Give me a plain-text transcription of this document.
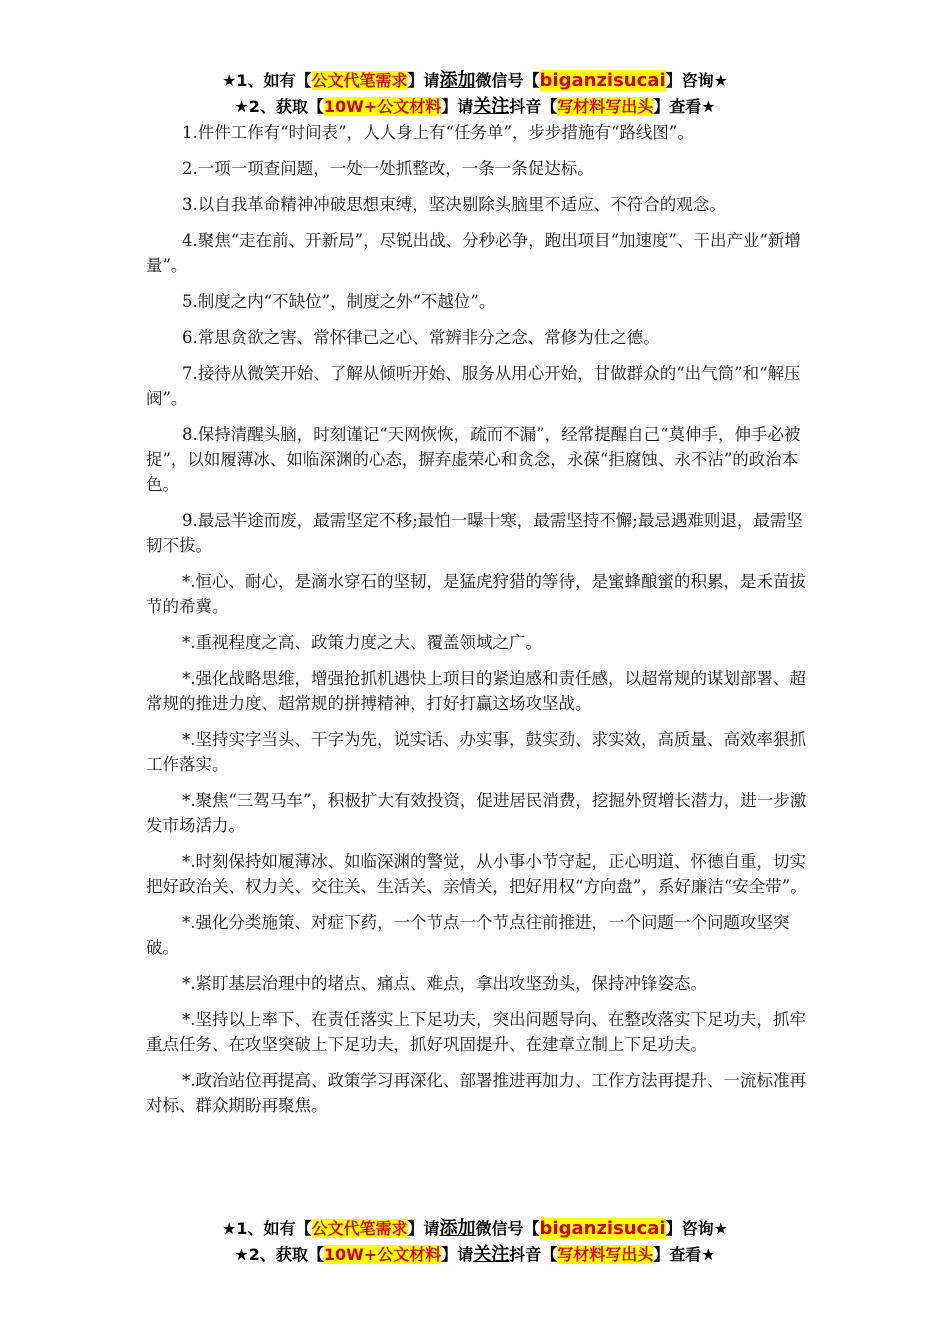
★1、如有【公文代笔需求】请添加微信号【biganzisucai】咨询★
★2、获取【10W+公文材料】请关注抖音【写材料写出头】查看★

1.件件工作有“时间表”，人人身上有“任务单”，步步措施有“路线图”。

2.一项一项查问题，一处一处抓整改，一条一条促达标。

3.以自我革命精神冲破思想束缚，坚决剔除头脑里不适应、不符合的观念。

4.聚焦“走在前、开新局”，尽锐出战、分秒必争，跑出项目“加速度”、干出产业“新增量”。

5.制度之内“不缺位”，制度之外“不越位”。

6.常思贪欲之害、常怀律己之心、常辨非分之念、常修为仕之德。

7.接待从微笑开始、了解从倾听开始、服务从用心开始，甘做群众的“出气筒”和“解压阀”。

8.保持清醒头脑，时刻谨记“天网恢恢，疏而不漏”，经常提醒自己“莫伸手，伸手必被捉”，以如履薄冰、如临深渊的心态，摒弃虚荣心和贪念，永葆“拒腐蚀、永不沾”的政治本色。

9.最忌半途而废，最需坚定不移;最怕一曝十寒，最需坚持不懈;最忌遇难则退，最需坚韧不拔。

*.恒心、耐心，是滴水穿石的坚韧，是猛虎狩猎的等待，是蜜蜂酿蜜的积累，是禾苗拔节的希冀。

*.重视程度之高、政策力度之大、覆盖领域之广。

*.强化战略思维，增强抢抓机遇快上项目的紧迫感和责任感，以超常规的谋划部署、超常规的推进力度、超常规的拼搏精神，打好打赢这场攻坚战。

*.坚持实字当头、干字为先，说实话、办实事，鼓实劲、求实效，高质量、高效率狠抓工作落实。

*.聚焦“三驾马车”，积极扩大有效投资，促进居民消费，挖掘外贸增长潜力，进一步激发市场活力。

*.时刻保持如履薄冰、如临深渊的警觉，从小事小节守起，正心明道、怀德自重，切实把好政治关、权力关、交往关、生活关、亲情关，把好用权“方向盘”，系好廉洁“安全带”。

*.强化分类施策、对症下药，一个节点一个节点往前推进，一个问题一个问题攻坚突破。

*.紧盯基层治理中的堵点、痛点、难点，拿出攻坚劲头，保持冲锋姿态。

*.坚持以上率下、在责任落实上下足功夫，突出问题导向、在整改落实下足功夫，抓牢重点任务、在攻坚突破上下足功夫，抓好巩固提升、在建章立制上下足功夫。

*.政治站位再提高、政策学习再深化、部署推进再加力、工作方法再提升、一流标准再对标、群众期盼再聚焦。

★1、如有【公文代笔需求】请添加微信号【biganzisucai】咨询★
★2、获取【10W+公文材料】请关注抖音【写材料写出头】查看★
